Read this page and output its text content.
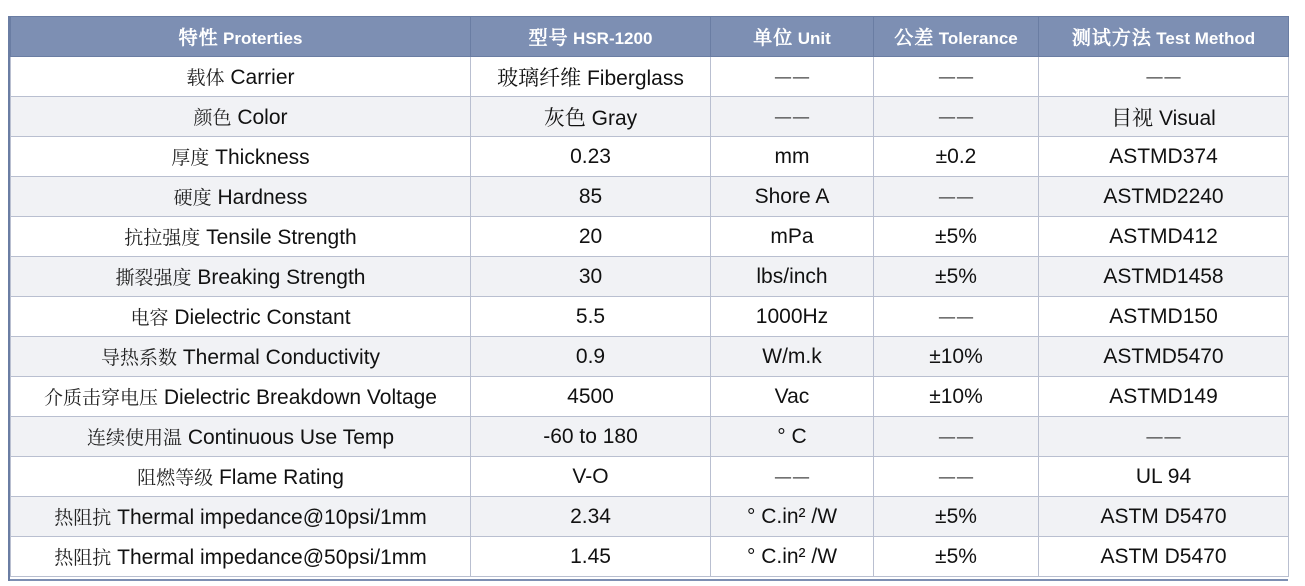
特性 Proterties	型号 HSR-1200	单位 Unit	公差 Tolerance	测试方法 Test Method
载体 Carrier	玻璃纤维 Fiberglass	——	——	——
颜色 Color	灰色 Gray	——	——	目视 Visual
厚度 Thickness	0.23	mm	±0.2	ASTMD374
硬度 Hardness	85	Shore A	——	ASTMD2240
抗拉强度 Tensile Strength	20	mPa	±5%	ASTMD412
撕裂强度 Breaking Strength	30	lbs/inch	±5%	ASTMD1458
电容 Dielectric Constant	5.5	1000Hz	——	ASTMD150
导热系数 Thermal Conductivity	0.9	W/m.k	±10%	ASTMD5470
介质击穿电压 Dielectric Breakdown Voltage	4500	Vac	±10%	ASTMD149
连续使用温 Continuous Use Temp	-60 to 180	° C	——	——
阻燃等级 Flame Rating	V-O	——	——	UL 94
热阻抗 Thermal impedance@10psi/1mm	2.34	° C.in² /W	±5%	ASTM D5470
热阻抗 Thermal impedance@50psi/1mm	1.45	° C.in² /W	±5%	ASTM D5470
